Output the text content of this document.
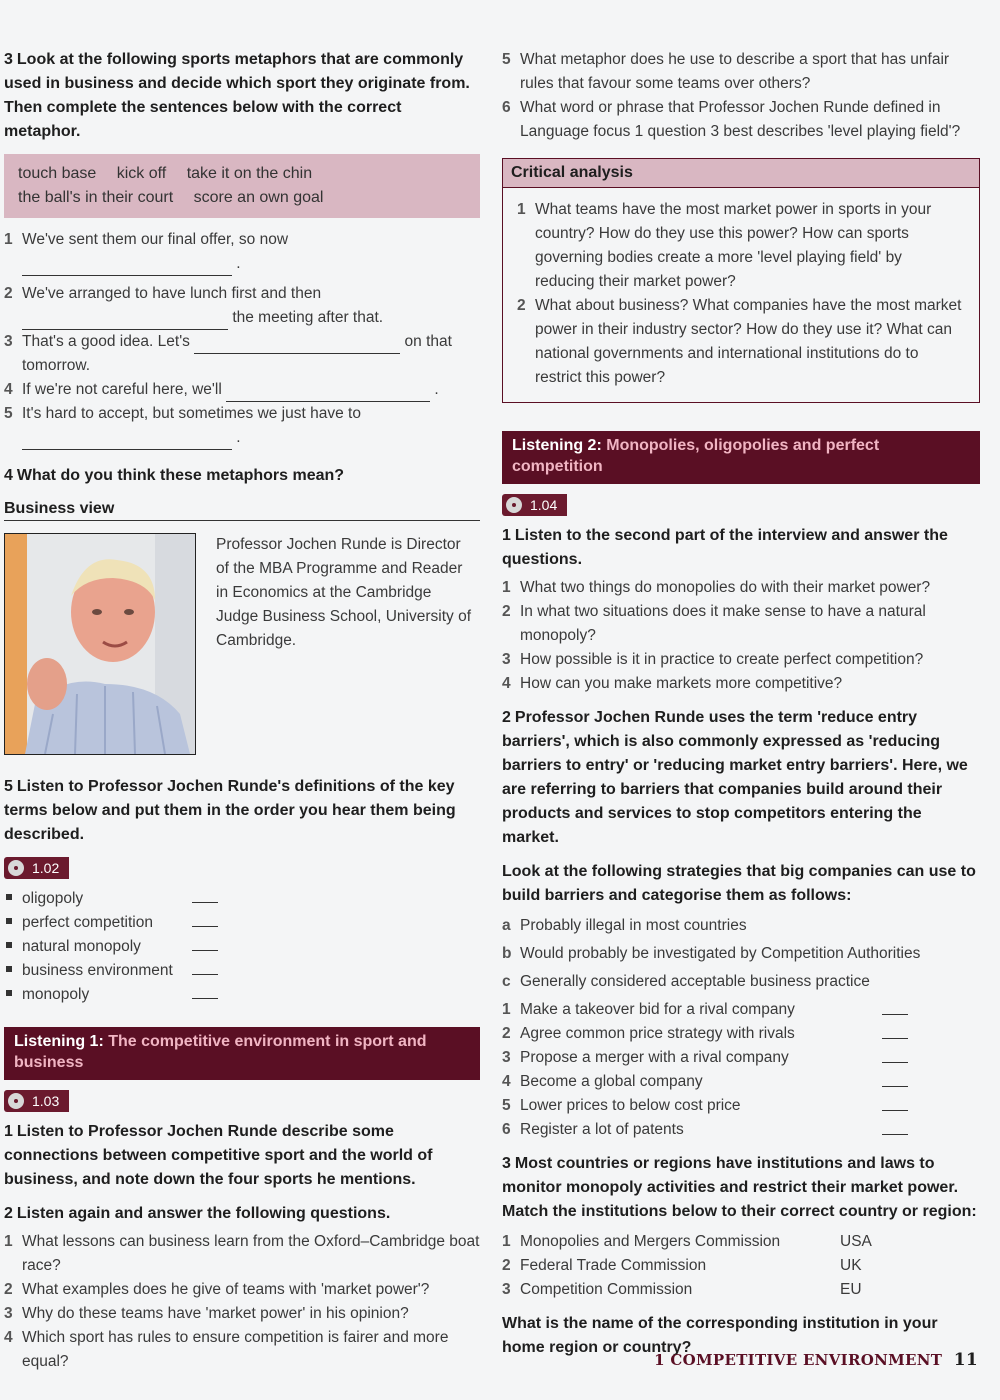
3 Look at the following sports metaphors that are commonly used in business and decide which sport they originate from. Then complete the sentences below with the correct metaphor.
touch base kick off take it on the chin
the ball's in their court score an own goal
1 We've sent them our final offer, so now
.
2 We've arranged to have lunch first and then
the meeting after that.
3 That's a good idea. Let's	on that
tomorrow.
4 If we're not careful here, we'll	.
5 It's hard to accept, but sometimes we just have to
.
4 What do you think these metaphors mean?
Business view
Professor Jochen Runde is Director of the MBA Programme and Reader in Economics at the Cambridge Judge Business School, University of Cambridge.
5 Listen to Professor Jochen Runde's definitions of the key terms below and put them in the order you hear them being described.
1.02
oligopoly
perfect competition
natural monopoly
business environment
monopoly
Listening 1: The competitive environment in sport and business
1.03
1 Listen to Professor Jochen Runde describe some connections between competitive sport and the world of business, and note down the four sports he mentions.
2 Listen again and answer the following questions.
1 What lessons can business learn from the Oxford–Cambridge boat race?
2 What examples does he give of teams with 'market power'?
3 Why do these teams have 'market power' in his opinion?
4 Which sport has rules to ensure competition is fairer and more equal?
5 What metaphor does he use to describe a sport that has unfair rules that favour some teams over others?
6 What word or phrase that Professor Jochen Runde defined in Language focus 1 question 3 best describes 'level playing field'?
Critical analysis
1 What teams have the most market power in sports in your country? How do they use this power? How can sports governing bodies create a more 'level playing field' by reducing their market power?
2 What about business? What companies have the most market power in their industry sector? How do they use it? What can national governments and international institutions do to restrict this power?
Listening 2: Monopolies, oligopolies and perfect competition
1.04
1 Listen to the second part of the interview and answer the questions.
1 What two things do monopolies do with their market power?
2 In what two situations does it make sense to have a natural monopoly?
3 How possible is it in practice to create perfect competition?
4 How can you make markets more competitive?
2 Professor Jochen Runde uses the term 'reduce entry barriers', which is also commonly expressed as 'reducing barriers to entry' or 'reducing market entry barriers'. Here, we are referring to barriers that companies build around their products and services to stop competitors entering the market.
Look at the following strategies that big companies can use to build barriers and categorise them as follows:
a Probably illegal in most countries
b Would probably be investigated by Competition Authorities
c Generally considered acceptable business practice
1 Make a takeover bid for a rival company
2 Agree common price strategy with rivals
3 Propose a merger with a rival company
4 Become a global company
5 Lower prices to below cost price
6 Register a lot of patents
3 Most countries or regions have institutions and laws to monitor monopoly activities and restrict their market power. Match the institutions below to their correct country or region:
1 Monopolies and Mergers Commission	USA
2 Federal Trade Commission	UK
3 Competition Commission	EU
What is the name of the corresponding institution in your home region or country?
1 COMPETITIVE ENVIRONMENT 11
